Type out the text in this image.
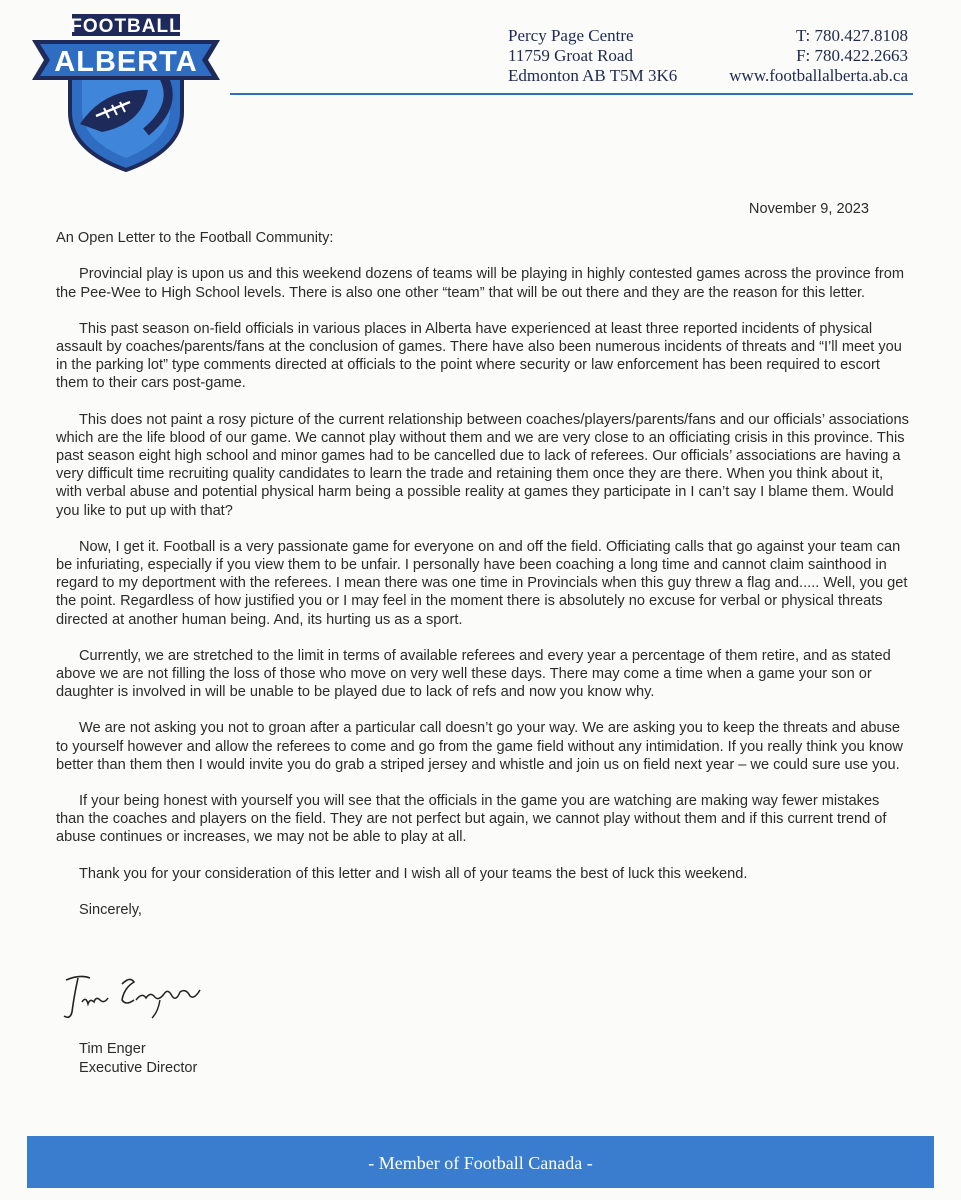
FOOTBALL
ALBERTA
Percy Page Centre
11759 Groat Road
Edmonton AB T5M 3K6
T: 780.427.8108
F: 780.422.2663
www.footballalberta.ab.ca
November 9, 2023
An Open Letter to the Football Community:
Provincial play is upon us and this weekend dozens of teams will be playing in highly contested games across the province from the Pee-Wee to High School levels. There is also one other “team” that will be out there and they are the reason for this letter.
This past season on-field officials in various places in Alberta have experienced at least three reported incidents of physical assault by coaches/parents/fans at the conclusion of games. There have also been numerous incidents of threats and “I’ll meet you in the parking lot” type comments directed at officials to the point where security or law enforcement has been required to escort them to their cars post-game.
This does not paint a rosy picture of the current relationship between coaches/players/parents/fans and our officials’ associations which are the life blood of our game. We cannot play without them and we are very close to an officiating crisis in this province. This past season eight high school and minor games had to be cancelled due to lack of referees. Our officials’ associations are having a very difficult time recruiting quality candidates to learn the trade and retaining them once they are there. When you think about it, with verbal abuse and potential physical harm being a possible reality at games they participate in I can’t say I blame them. Would you like to put up with that?
Now, I get it. Football is a very passionate game for everyone on and off the field. Officiating calls that go against your team can be infuriating, especially if you view them to be unfair. I personally have been coaching a long time and cannot claim sainthood in regard to my deportment with the referees. I mean there was one time in Provincials when this guy threw a flag and..... Well, you get the point. Regardless of how justified you or I may feel in the moment there is absolutely no excuse for verbal or physical threats directed at another human being. And, its hurting us as a sport.
Currently, we are stretched to the limit in terms of available referees and every year a percentage of them retire, and as stated above we are not filling the loss of those who move on very well these days. There may come a time when a game your son or daughter is involved in will be unable to be played due to lack of refs and now you know why.
We are not asking you not to groan after a particular call doesn’t go your way. We are asking you to keep the threats and abuse to yourself however and allow the referees to come and go from the game field without any intimidation. If you really think you know better than them then I would invite you do grab a striped jersey and whistle and join us on field next year – we could sure use you.
If your being honest with yourself you will see that the officials in the game you are watching are making way fewer mistakes than the coaches and players on the field. They are not perfect but again, we cannot play without them and if this current trend of abuse continues or increases, we may not be able to play at all.
Thank you for your consideration of this letter and I wish all of your teams the best of luck this weekend.
Sincerely,
Tim Enger
Executive Director
- Member of Football Canada -
